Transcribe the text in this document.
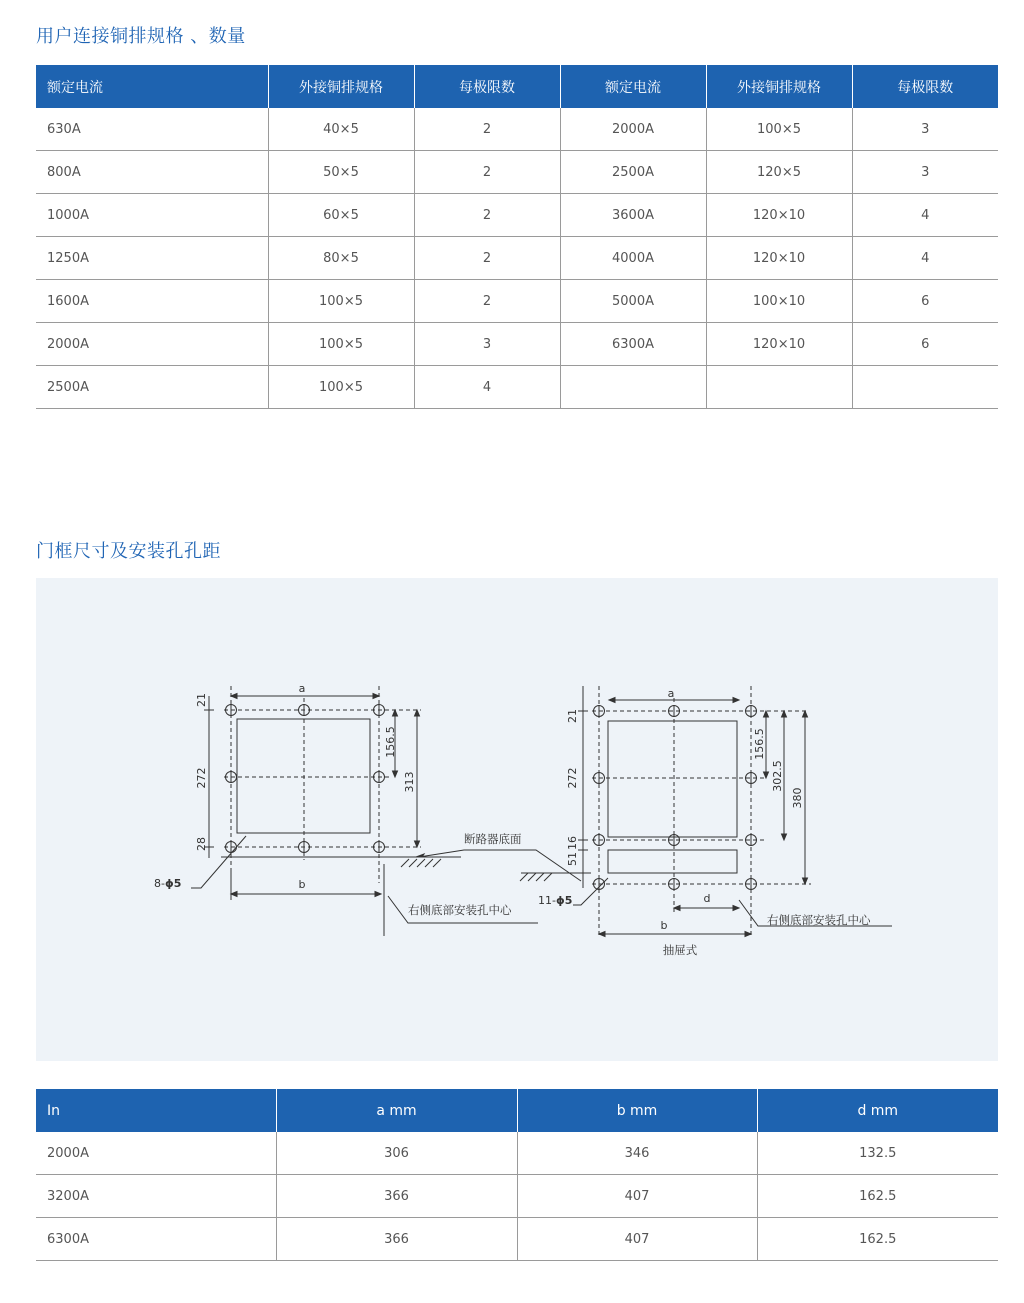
用户连接铜排规格 、数量
额定电流	外接铜排规格	每极限数	额定电流	外接铜排规格	每极限数
630A	40×5	2	2000A	100×5	3
800A	50×5	2	2500A	120×5	3
1000A	60×5	2	3600A	120×10	4
1250A	80×5	2	4000A	120×10	4
1600A	100×5	2	5000A	100×10	6
2000A	100×5	3	6300A	120×10	6
2500A	100×5	4			
门框尺寸及安装孔孔距
a
21
272
28
156.5
313
b
8-ϕ5
右侧底部安装孔中心
断路器底面
a
21
272
51
16
156.5
302.5
380
d
b
11-ϕ5
右侧底部安装孔中心
抽屉式
In	a mm	b mm	d mm
2000A	306	346	132.5
3200A	366	407	162.5
6300A	366	407	162.5
